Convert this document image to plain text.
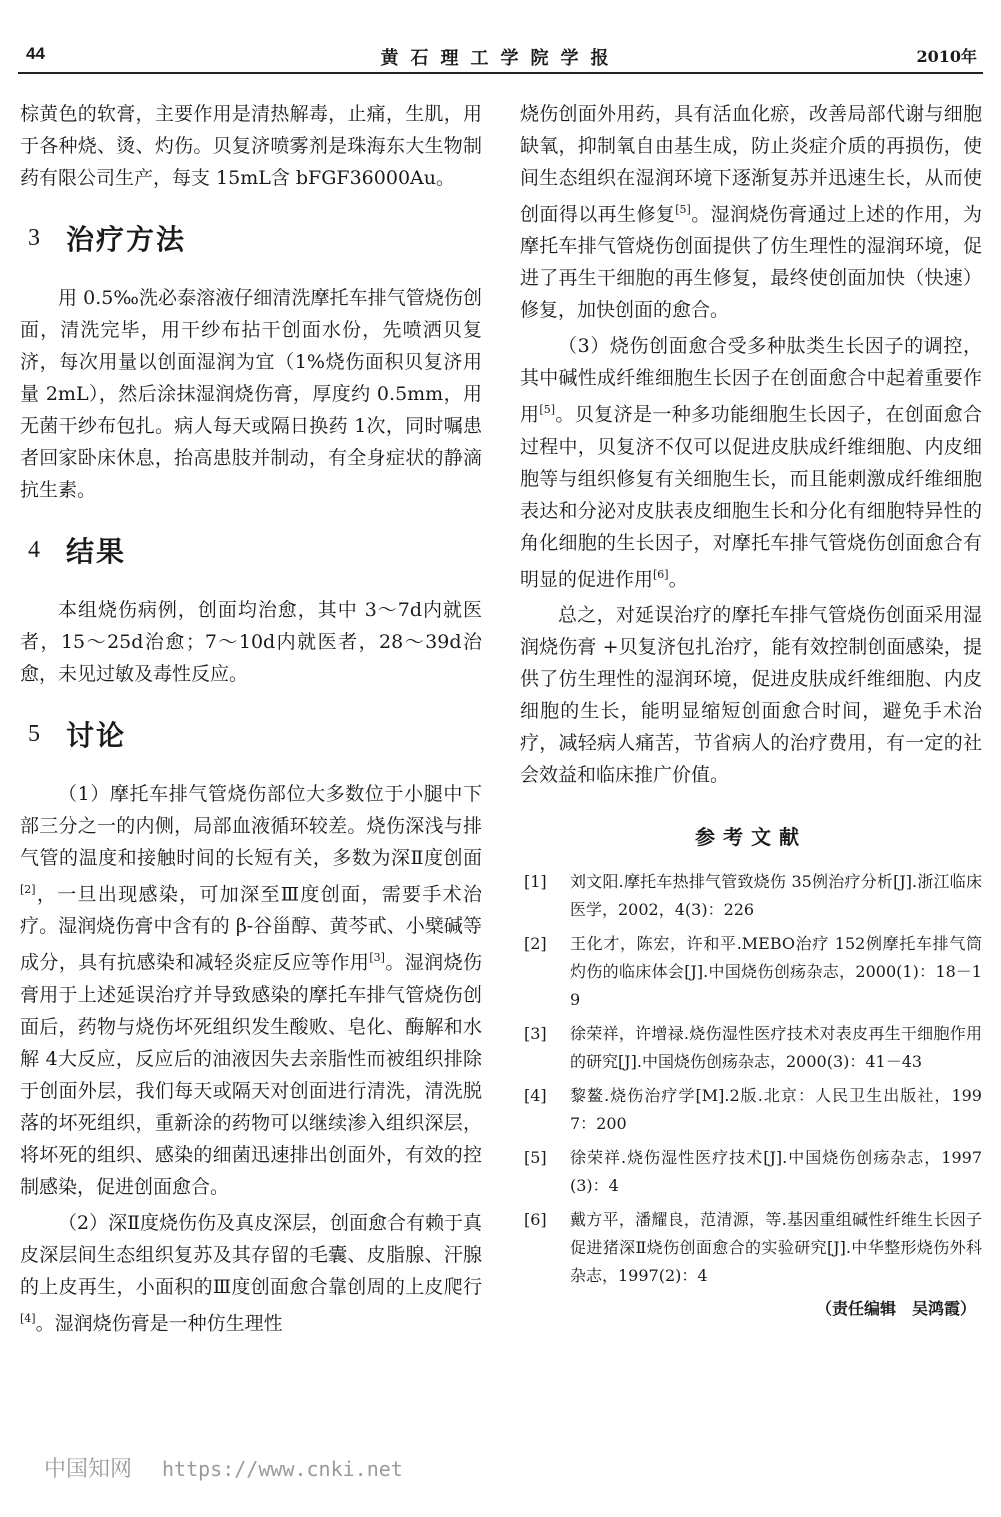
44	黄石理工学院学报	2010年

棕黄色的软膏，主要作用是清热解毒，止痛，生肌，用于各种烧、烫、灼伤。贝复济喷雾剂是珠海东大生物制药有限公司生产，每支 15mL含 bFGF36000Au。

3 治疗方法

用 0.5‰洗必泰溶液仔细清洗摩托车排气管烧伤创面，清洗完毕，用干纱布拈干创面水份，先喷洒贝复济，每次用量以创面湿润为宜（1%烧伤面积贝复济用量 2mL），然后涂抹湿润烧伤膏，厚度约 0.5mm，用无菌干纱布包扎。病人每天或隔日换药 1次，同时嘱患者回家卧床休息，抬高患肢并制动，有全身症状的静滴抗生素。

4 结果

本组烧伤病例，创面均治愈，其中 3～7d内就医者，15～25d治愈；7～10d内就医者，28～39d治愈，未见过敏及毒性反应。

5 讨论

（1）摩托车排气管烧伤部位大多数位于小腿中下部三分之一的内侧，局部血液循环较差。烧伤深浅与排气管的温度和接触时间的长短有关，多数为深Ⅱ度创面[2]，一旦出现感染，可加深至Ⅲ度创面，需要手术治疗。湿润烧伤膏中含有的 β-谷甾醇、黄芩甙、小檗碱等成分，具有抗感染和减轻炎症反应等作用[3]。湿润烧伤膏用于上述延误治疗并导致感染的摩托车排气管烧伤创面后，药物与烧伤坏死组织发生酸败、皂化、酶解和水解 4大反应，反应后的油液因失去亲脂性而被组织排除于创面外层，我们每天或隔天对创面进行清洗，清洗脱落的坏死组织，重新涂的药物可以继续渗入组织深层，将坏死的组织、感染的细菌迅速排出创面外，有效的控制感染，促进创面愈合。

（2）深Ⅱ度烧伤伤及真皮深层，创面愈合有赖于真皮深层间生态组织复苏及其存留的毛囊、皮脂腺、汗腺的上皮再生，小面积的Ⅲ度创面愈合靠创周的上皮爬行[4]。湿润烧伤膏是一种仿生理性

烧伤创面外用药，具有活血化瘀，改善局部代谢与细胞缺氧，抑制氧自由基生成，防止炎症介质的再损伤，使间生态组织在湿润环境下逐渐复苏并迅速生长，从而使创面得以再生修复[5]。湿润烧伤膏通过上述的作用，为摩托车排气管烧伤创面提供了仿生理性的湿润环境，促进了再生干细胞的再生修复，最终使创面加快（快速）修复，加快创面的愈合。

（3）烧伤创面愈合受多种肽类生长因子的调控，其中碱性成纤维细胞生长因子在创面愈合中起着重要作用[5]。贝复济是一种多功能细胞生长因子，在创面愈合过程中，贝复济不仅可以促进皮肤成纤维细胞、内皮细胞等与组织修复有关细胞生长，而且能刺激成纤维细胞表达和分泌对皮肤表皮细胞生长和分化有细胞特异性的角化细胞的生长因子，对摩托车排气管烧伤创面愈合有明显的促进作用[6]。

总之，对延误治疗的摩托车排气管烧伤创面采用湿润烧伤膏 +贝复济包扎治疗，能有效控制创面感染，提供了仿生理性的湿润环境，促进皮肤成纤维细胞、内皮细胞的生长，能明显缩短创面愈合时间，避免手术治疗，减轻病人痛苦，节省病人的治疗费用，有一定的社会效益和临床推广价值。

参考文献
[1]	刘文阳.摩托车热排气管致烧伤 35例治疗分析[J].浙江临床医学，2002，4(3)：226
[2]	王化才，陈宏，许和平.MEBO治疗 152例摩托车排气筒灼伤的临床体会[J].中国烧伤创疡杂志，2000(1)：18－19
[3]	徐荣祥，许增禄.烧伤湿性医疗技术对表皮再生干细胞作用的研究[J].中国烧伤创疡杂志，2000(3)：41－43
[4]	黎鳌.烧伤治疗学[M].2版.北京：人民卫生出版社，1997：200
[5]	徐荣祥.烧伤湿性医疗技术[J].中国烧伤创疡杂志，1997(3)：4
[6]	戴方平，潘耀良，范清源，等.基因重组碱性纤维生长因子促进猪深Ⅱ烧伤创面愈合的实验研究[J].中华整形烧伤外科杂志，1997(2)：4
（责任编辑　吴鸿霞）
中国知网 https://www.cnki.net
